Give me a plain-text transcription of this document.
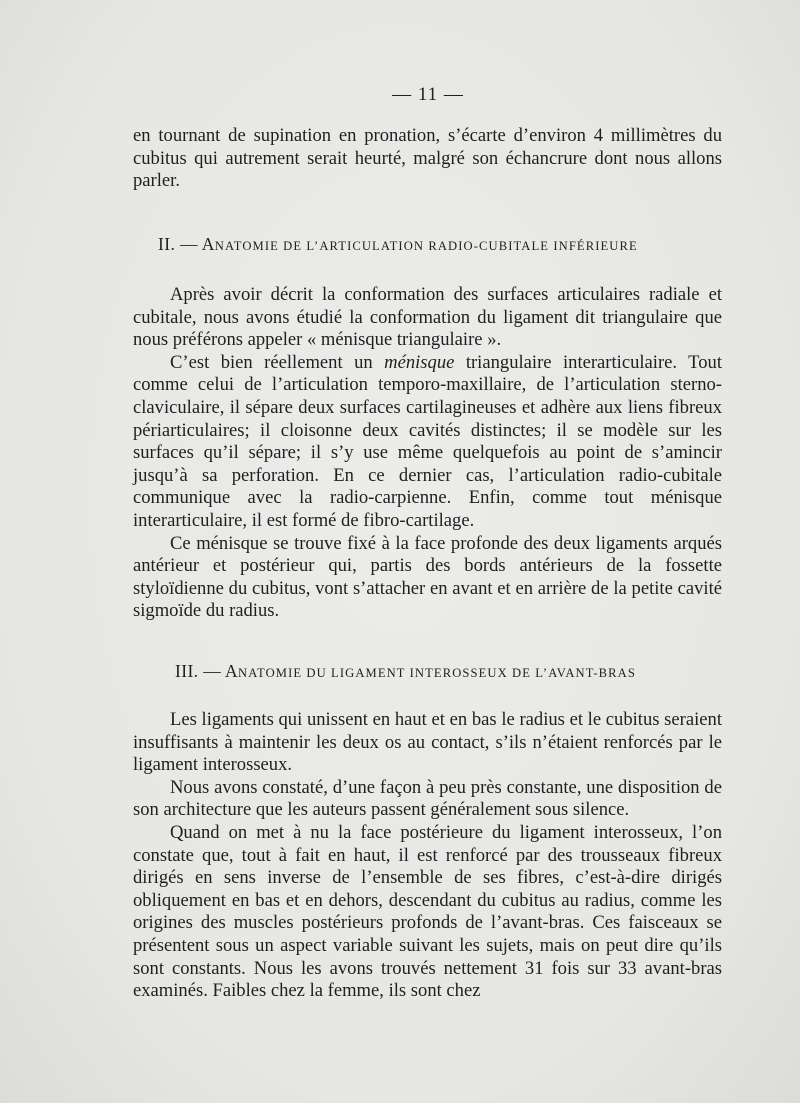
— 11 —

en tournant de supination en pronation, s’écarte d’environ 4 millimètres du cubitus qui autrement serait heurté, malgré son échancrure dont nous allons parler.

II. — ANATOMIE DE L’ARTICULATION RADIO-CUBITALE INFÉRIEURE

Après avoir décrit la conformation des surfaces articulaires radiale et cubitale, nous avons étudié la conformation du ligament dit triangulaire que nous préférons appeler « ménisque triangulaire ».

C’est bien réellement un ménisque triangulaire interarticulaire. Tout comme celui de l’articulation temporo-maxillaire, de l’articulation sterno-claviculaire, il sépare deux surfaces cartilagineuses et adhère aux liens fibreux périarticulaires; il cloisonne deux cavités distinctes; il se modèle sur les surfaces qu’il sépare; il s’y use même quelquefois au point de s’amincir jusqu’à sa perforation. En ce dernier cas, l’articulation radio-cubitale communique avec la radio-carpienne. Enfin, comme tout ménisque interarticulaire, il est formé de fibro-cartilage.

Ce ménisque se trouve fixé à la face profonde des deux ligaments arqués antérieur et postérieur qui, partis des bords antérieurs de la fossette styloïdienne du cubitus, vont s’attacher en avant et en arrière de la petite cavité sigmoïde du radius.

III. — ANATOMIE DU LIGAMENT INTEROSSEUX DE L’AVANT-BRAS

Les ligaments qui unissent en haut et en bas le radius et le cubitus seraient insuffisants à maintenir les deux os au contact, s’ils n’étaient renforcés par le ligament interosseux.

Nous avons constaté, d’une façon à peu près constante, une disposition de son architecture que les auteurs passent généralement sous silence.

Quand on met à nu la face postérieure du ligament interosseux, l’on constate que, tout à fait en haut, il est renforcé par des trousseaux fibreux dirigés en sens inverse de l’ensemble de ses fibres, c’est-à-dire dirigés obliquement en bas et en dehors, descendant du cubitus au radius, comme les origines des muscles postérieurs profonds de l’avant-bras. Ces faisceaux se présentent sous un aspect variable suivant les sujets, mais on peut dire qu’ils sont constants. Nous les avons trouvés nettement 31 fois sur 33 avant-bras examinés. Faibles chez la femme, ils sont chez
